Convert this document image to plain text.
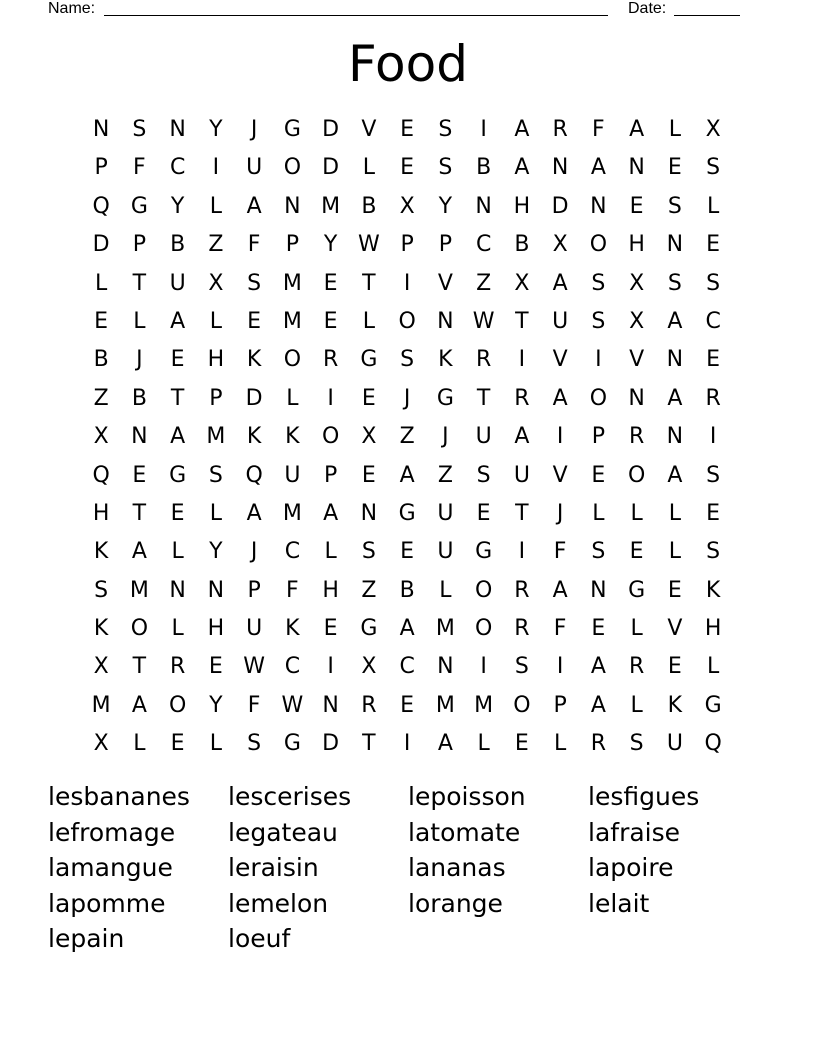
Name:	Date:
Food
N	S	N	Y	J	G D	V	E	S	I	A	R	F	A	L	X
P	F	C	I	U O D	L	E	S	B	A	N	A	N	E	S
Q G	Y	L	A	N M B	X	Y	N H D N	E	S	L
D	P	B	Z	F	P	Y W P	P	C	B	X	O H N	E
L	T	U	X	S M E	T	I	V	Z	X	A	S	X	S	S
E	L	A	L	E M E	L	O N W T	U	S	X	A	C
B	J	E	H	K	O R	G	S	K	R	I	V	I	V	N	E
Z	B	T	P	D	L	I	E	J	G	T	R	A	O N	A	R
X	N	A M K	K	O	X	Z	J	U	A	I	P	R	N	I
Q	E	G	S	Q U	P	E	A	Z	S	U	V	E	O	A	S
H	T	E	L	A M A	N G U	E	T	J	L	L	L	E
K	A	L	Y	J	C	L	S	E	U G	I	F	S	E	L	S
S M N N	P	F	H	Z	B	L	O R	A	N G	E	K
K	O	L	H U	K	E	G	A M O R	F	E	L	V	H
X	T	R	E W C	I	X	C	N	I	S	I	A	R	E	L
M A	O	Y	F W N	R	E M M O	P	A	L	K	G
X	L	E	L	S	G D	T	I	A	L	E	L	R	S	U Q
lesbananes	lescerises	lepoisson	lesfigues
lefromage	legateau	latomate	lafraise
lamangue	leraisin	lananas	lapoire
lapomme	lemelon	lorange	lelait
lepain	loeuf
